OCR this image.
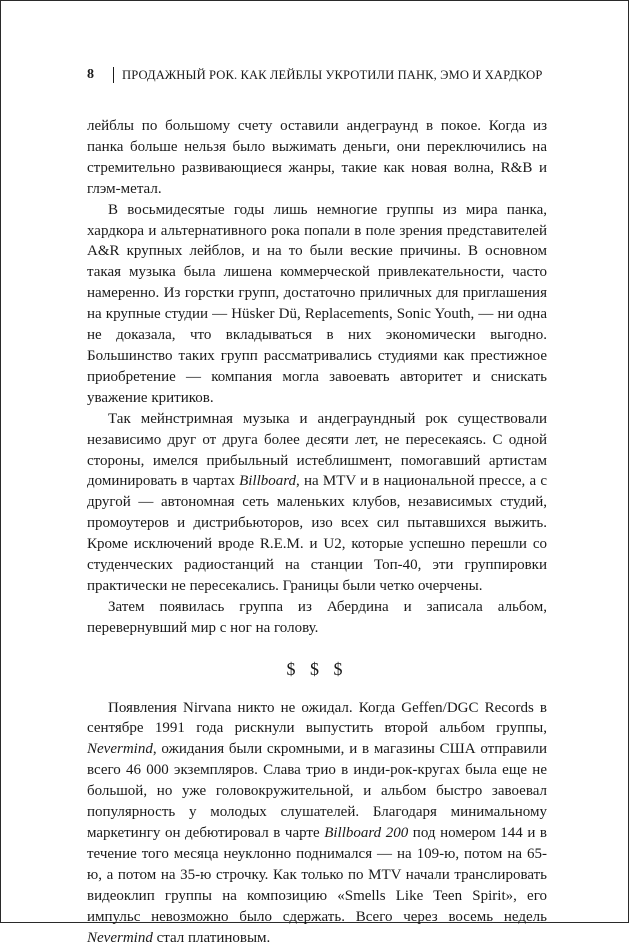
8	ПРОДАЖНЫЙ РОК. КАК ЛЕЙБЛЫ УКРОТИЛИ ПАНК, ЭМО И ХАРДКОР

лейблы по большому счету оставили андеграунд в покое. Когда из панка больше нельзя было выжимать деньги, они переключились на стремительно развивающиеся жанры, такие как новая волна, R&B и глэм-метал.

В восьмидесятые годы лишь немногие группы из мира панка, хардкора и альтернативного рока попали в поле зрения представителей A&R крупных лейблов, и на то были веские причины. В основном такая музыка была лишена коммерческой привлекательности, часто намеренно. Из горстки групп, достаточно приличных для приглашения на крупные студии — Hüsker Dü, Replacements, Sonic Youth, — ни одна не доказала, что вкладываться в них экономически выгодно. Большинство таких групп рассматривались студиями как престижное приобретение — компания могла завоевать авторитет и снискать уважение критиков.

Так мейнстримная музыка и андеграундный рок существовали независимо друг от друга более десяти лет, не пересекаясь. С одной стороны, имелся прибыльный истеблишмент, помогавший артистам доминировать в чартах Billboard, на MTV и в национальной прессе, а с другой — автономная сеть маленьких клубов, независимых студий, промоутеров и дистрибьюторов, изо всех сил пытавшихся выжить. Кроме исключений вроде R.E.M. и U2, которые успешно перешли со студенческих радиостанций на станции Топ-40, эти группировки практически не пересекались. Границы были четко очерчены.

Затем появилась группа из Абердина и записала альбом, перевернувший мир с ног на голову.

$ $ $

Появления Nirvana никто не ожидал. Когда Geffen/DGC Records в сентябре 1991 года рискнули выпустить второй альбом группы, Nevermind, ожидания были скромными, и в магазины США отправили всего 46 000 экземпляров. Слава трио в инди-рок-кругах была еще не большой, но уже головокружительной, и альбом быстро завоевал популярность у молодых слушателей. Благодаря минимальному маркетингу он дебютировал в чарте Billboard 200 под номером 144 и в течение того месяца неуклонно поднимался — на 109-ю, потом на 65-ю, а потом на 35-ю строчку. Как только по MTV начали транслировать видеоклип группы на композицию «Smells Like Teen Spirit», его импульс невозможно было сдержать. Всего через восемь недель Nevermind стал платиновым.
